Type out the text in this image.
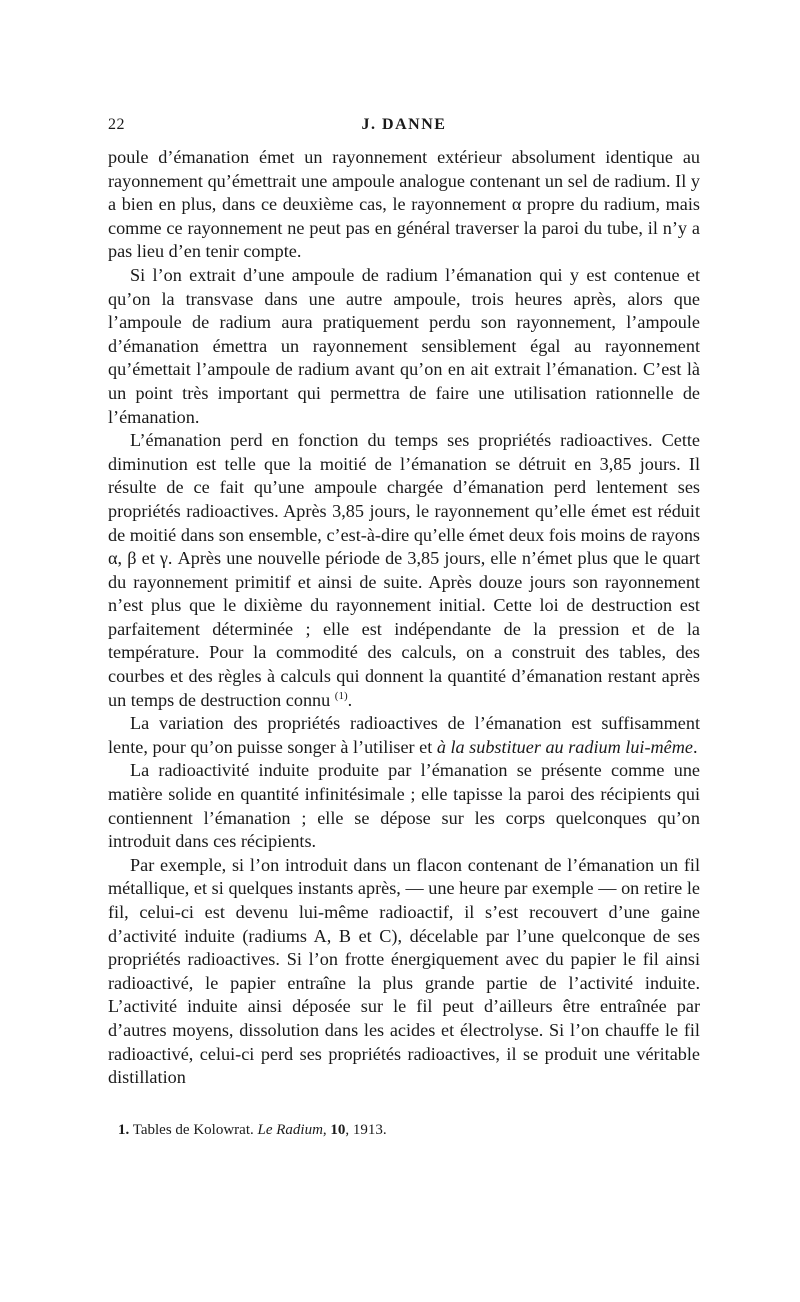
22	J. DANNE

poule d’émanation émet un rayonnement extérieur absolument identique au rayonnement qu’émettrait une ampoule analogue contenant un sel de radium. Il y a bien en plus, dans ce deuxième cas, le rayonnement α propre du radium, mais comme ce rayonnement ne peut pas en général traverser la paroi du tube, il n’y a pas lieu d’en tenir compte.

Si l’on extrait d’une ampoule de radium l’émanation qui y est contenue et qu’on la transvase dans une autre ampoule, trois heures après, alors que l’ampoule de radium aura pratiquement perdu son rayonnement, l’ampoule d’émanation émettra un rayonnement sensiblement égal au rayonnement qu’émettait l’ampoule de radium avant qu’on en ait extrait l’émanation. C’est là un point très important qui permettra de faire une utilisation rationnelle de l’émanation.

L’émanation perd en fonction du temps ses propriétés radioactives. Cette diminution est telle que la moitié de l’émanation se détruit en 3,85 jours. Il résulte de ce fait qu’une ampoule chargée d’émanation perd lentement ses propriétés radioactives. Après 3,85 jours, le rayonnement qu’elle émet est réduit de moitié dans son ensemble, c’est-à-dire qu’elle émet deux fois moins de rayons α, β et γ. Après une nouvelle période de 3,85 jours, elle n’émet plus que le quart du rayonnement primitif et ainsi de suite. Après douze jours son rayonnement n’est plus que le dixième du rayonnement initial. Cette loi de destruction est parfaitement déterminée ; elle est indépendante de la pression et de la température. Pour la commodité des calculs, on a construit des tables, des courbes et des règles à calculs qui donnent la quantité d’émanation restant après un temps de destruction connu $^{(1)}$.

La variation des propriétés radioactives de l’émanation est suffisamment lente, pour qu’on puisse songer à l’utiliser et à la substituer au radium lui-même.

La radioactivité induite produite par l’émanation se présente comme une matière solide en quantité infinitésimale ; elle tapisse la paroi des récipients qui contiennent l’émanation ; elle se dépose sur les corps quelconques qu’on introduit dans ces récipients.

Par exemple, si l’on introduit dans un flacon contenant de l’émanation un fil métallique, et si quelques instants après, — une heure par exemple — on retire le fil, celui-ci est devenu lui-même radioactif, il s’est recouvert d’une gaine d’activité induite (radiums A, B et C), décelable par l’une quelconque de ses propriétés radioactives. Si l’on frotte énergiquement avec du papier le fil ainsi radioactivé, le papier entraîne la plus grande partie de l’activité induite. L’activité induite ainsi déposée sur le fil peut d’ailleurs être entraînée par d’autres moyens, dissolution dans les acides et électrolyse. Si l’on chauffe le fil radioactivé, celui-ci perd ses propriétés radioactives, il se produit une véritable distillation

1. Tables de Kolowrat. Le Radium, 10, 1913.
